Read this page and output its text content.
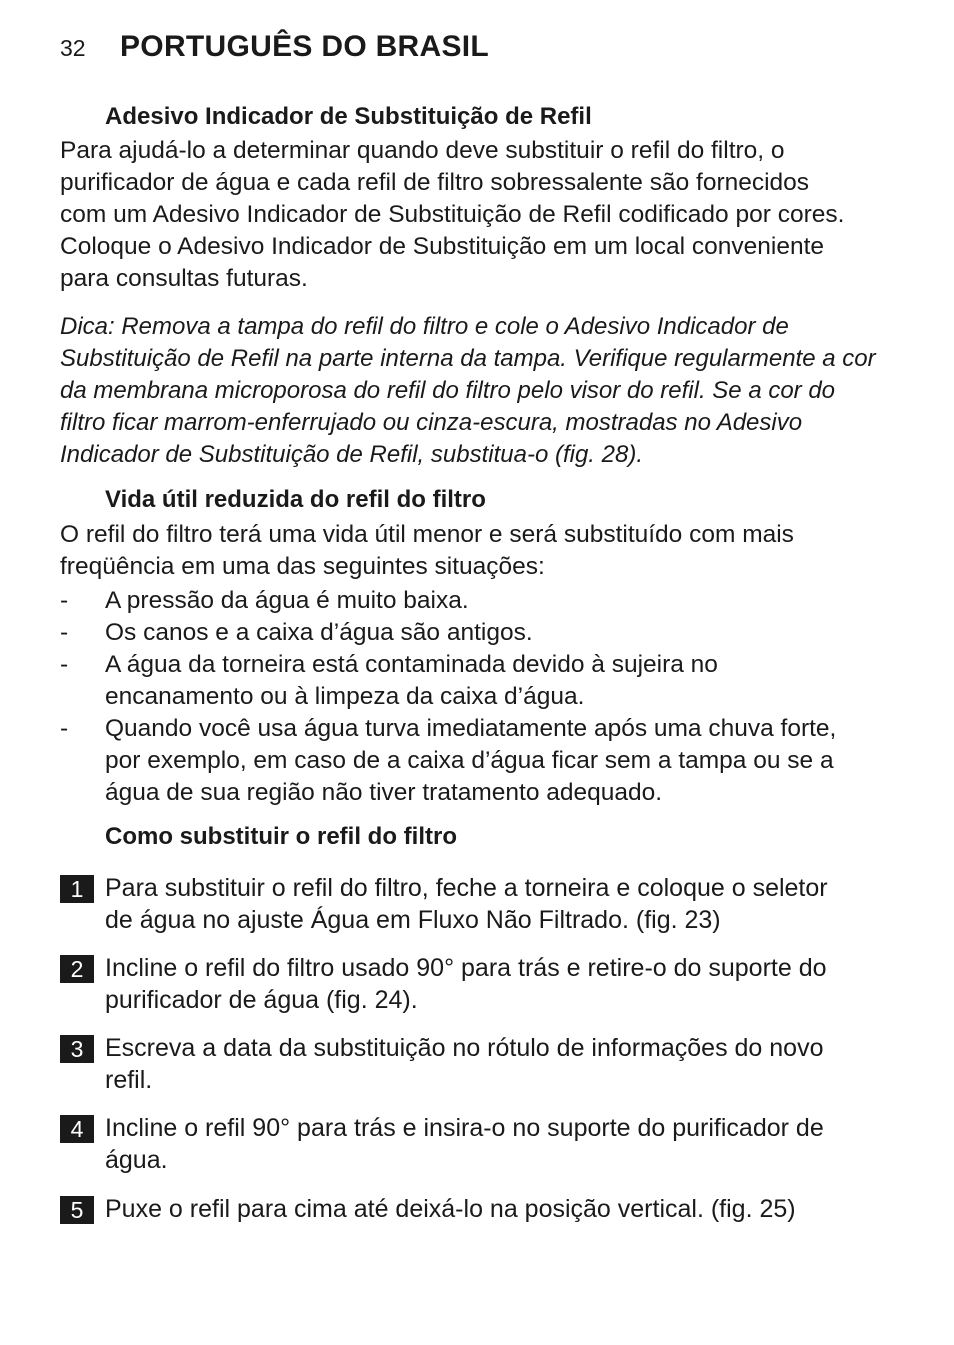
32	PORTUGUÊS DO BRASIL
Adesivo Indicador de Substituição de Refil

Para ajudá-lo a determinar quando deve substituir o refil do filtro, o
purificador de água e cada refil de filtro sobressalente são fornecidos
com um Adesivo Indicador de Substituição de Refil codificado por cores.
Coloque o Adesivo Indicador de Substituição em um local conveniente
para consultas futuras.

Dica: Remova a tampa do refil do filtro e cole o Adesivo Indicador de
Substituição de Refil na parte interna da tampa. Verifique regularmente a cor
da membrana microporosa do refil do filtro pelo visor do refil. Se a cor do
filtro ficar marrom-enferrujado ou cinza-escura, mostradas no Adesivo
Indicador de Substituição de Refil, substitua-o (fig. 28).

Vida útil reduzida do refil do filtro

O refil do filtro terá uma vida útil menor e será substituído com mais
freqüência em uma das seguintes situações:

- A pressão da água é muito baixa.
- Os canos e a caixa d’água são antigos.
- A água da torneira está contaminada devido à sujeira no
encanamento ou à limpeza da caixa d’água.
- Quando você usa água turva imediatamente após uma chuva forte,
por exemplo, em caso de a caixa d’água ficar sem a tampa ou se a
água de sua região não tiver tratamento adequado.
Como substituir o refil do filtro
1 Para substituir o refil do filtro, feche a torneira e coloque o seletor
de água no ajuste Água em Fluxo Não Filtrado. (fig. 23)
2 Incline o refil do filtro usado 90° para trás e retire-o do suporte do
purificador de água (fig. 24).
3 Escreva a data da substituição no rótulo de informações do novo
refil.
4 Incline o refil 90° para trás e insira-o no suporte do purificador de
água.
5 Puxe o refil para cima até deixá-lo na posição vertical. (fig. 25)
